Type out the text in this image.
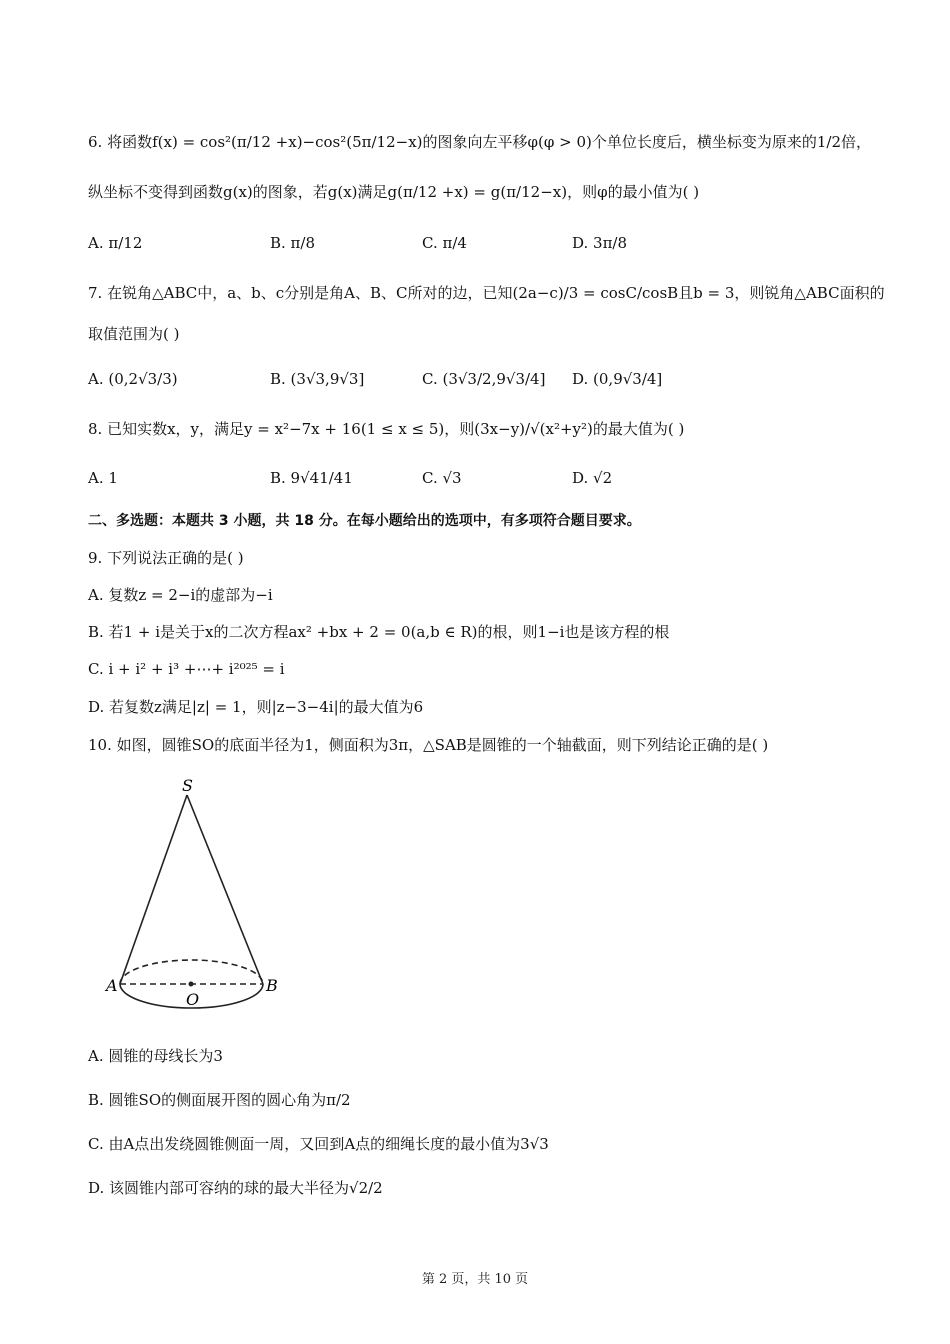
6. 将函数f(x) = cos²(π/12 +x)−cos²(5π/12−x)的图象向左平移φ(φ > 0)个单位长度后，横坐标变为原来的1/2倍，
纵坐标不变得到函数g(x)的图象，若g(x)满足g(π/12 +x) = g(π/12−x)，则φ的最小值为( )
A. π/12	B. π/8	C. π/4	D. 3π/8
7. 在锐角△ABC中，a、b、c分别是角A、B、C所对的边，已知(2a−c)/3 = cosC/cosB且b = 3，则锐角△ABC面积的
取值范围为( )
A. (0,2√3/3)	B. (3√3,9√3]	C. (3√3/2,9√3/4] D. (0,9√3/4]
8. 已知实数x，y，满足y = x²−7x + 16(1 ≤ x ≤ 5)，则(3x−y)/√(x²+y²)的最大值为( )
A. 1	B. 9√41/41	C. √3	D. √2
二、多选题：本题共 3 小题，共 18 分。在每小题给出的选项中，有多项符合题目要求。
9. 下列说法正确的是( )
A. 复数z = 2−i的虚部为−i
B. 若1 + i是关于x的二次方程ax² +bx + 2 = 0(a,b ∈ R)的根，则1−i也是该方程的根
C. i + i² + i³ +⋯+ i²⁰²⁵ = i
D. 若复数z满足|z| = 1，则|z−3−4i|的最大值为6
10. 如图，圆锥SO的底面半径为1，侧面积为3π，△SAB是圆锥的一个轴截面，则下列结论正确的是( )
S
A	B
O
A. 圆锥的母线长为3
B. 圆锥SO的侧面展开图的圆心角为π/2
C. 由A点出发绕圆锥侧面一周，又回到A点的细绳长度的最小值为3√3
D. 该圆锥内部可容纳的球的最大半径为√2/2
第 2 页，共 10 页
